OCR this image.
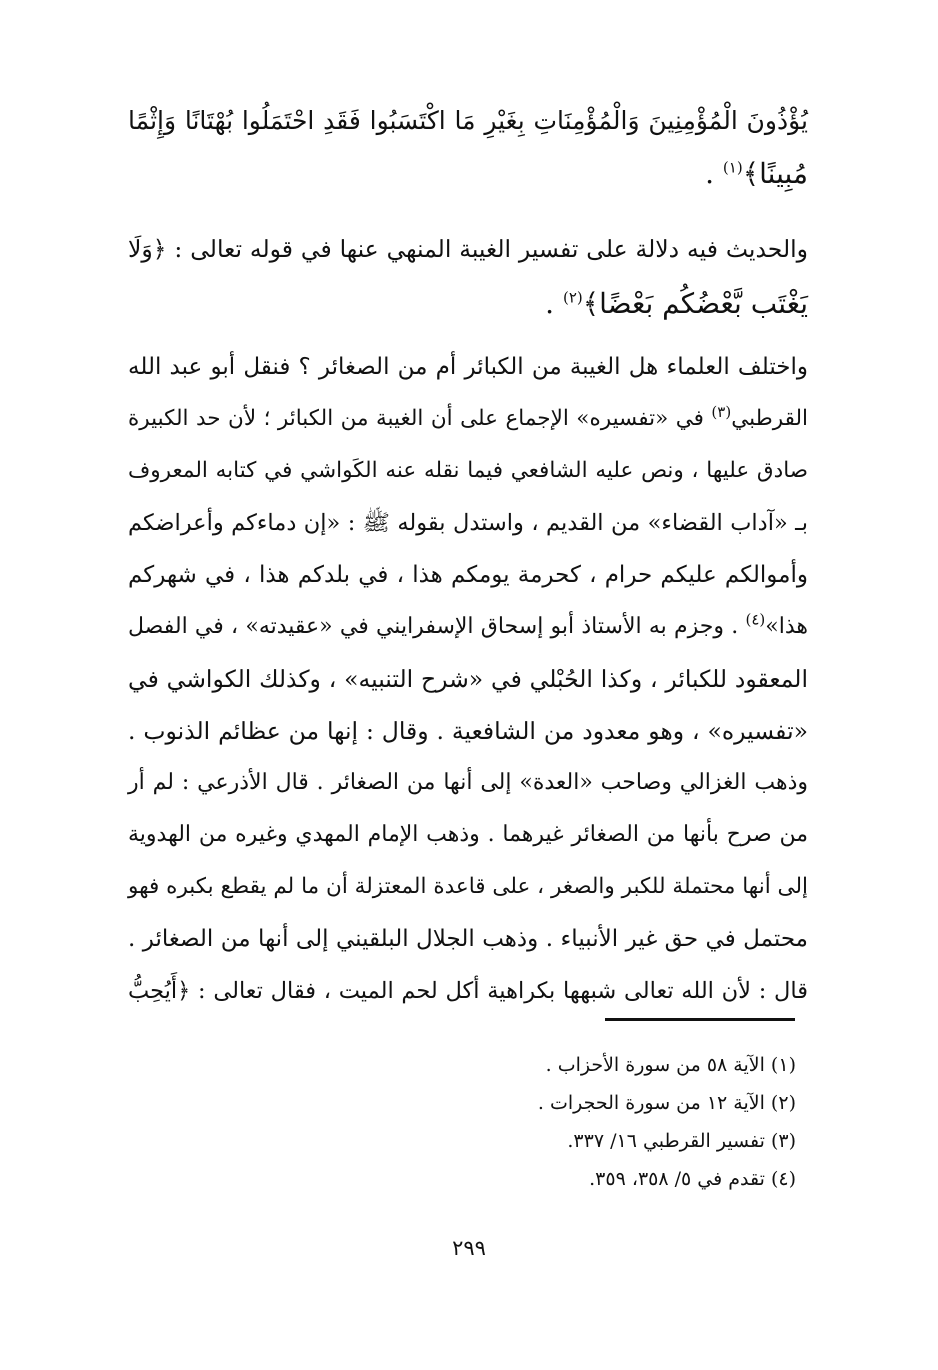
يُؤْذُونَ الْمُؤْمِنِينَ وَالْمُؤْمِنَاتِ بِغَيْرِ مَا اكْتَسَبُوا فَقَدِ احْتَمَلُوا بُهْتَانًا وَإِثْمًا
مُبِينًا﴾$^{(١)}$ .
والحديث فيه دلالة على تفسير الغيبة المنهي عنها في قوله تعالى : ﴿وَلَا
يَغْتَب بَّعْضُكُم بَعْضًا﴾$^{(٢)}$ .
واختلف العلماء هل الغيبة من الكبائر أم من الصغائر ؟ فنقل أبو عبد الله
القرطبي$^{(٣)}$ في «تفسيره» الإجماع على أن الغيبة من الكبائر ؛ لأن حد الكبيرة
صادق عليها ، ونص عليه الشافعي فيما نقله عنه الكَواشي في كتابه المعروف
بـ «آداب القضاء» من القديم ، واستدل بقوله ﷺ : «إن دماءكم وأعراضكم
وأموالكم عليكم حرام ، كحرمة يومكم هذا ، في بلدكم هذا ، في شهركم
هذا»$^{(٤)}$ . وجزم به الأستاذ أبو إسحاق الإسفرايني في «عقيدته» ، في الفصل
المعقود للكبائر ، وكذا الحُبْلي في «شرح التنبيه» ، وكذلك الكواشي في
«تفسيره» ، وهو معدود من الشافعية . وقال : إنها من عظائم الذنوب .
وذهب الغزالي وصاحب «العدة» إلى أنها من الصغائر . قال الأذرعي : لم أر
من صرح بأنها من الصغائر غيرهما . وذهب الإمام المهدي وغيره من الهدوية
إلى أنها محتملة للكبر والصغر ، على قاعدة المعتزلة أن ما لم يقطع بكبره فهو
محتمل في حق غير الأنبياء . وذهب الجلال البلقيني إلى أنها من الصغائر .
قال : لأن الله تعالى شبهها بكراهية أكل لحم الميت ، فقال تعالى : ﴿أَيُحِبُّ
(١) الآية ٥٨ من سورة الأحزاب .
(٢) الآية ١٢ من سورة الحجرات .
(٣) تفسير القرطبي ١٦/ ٣٣٧.
(٤) تقدم في ٥/ ٣٥٨، ٣٥٩.
٢٩٩
